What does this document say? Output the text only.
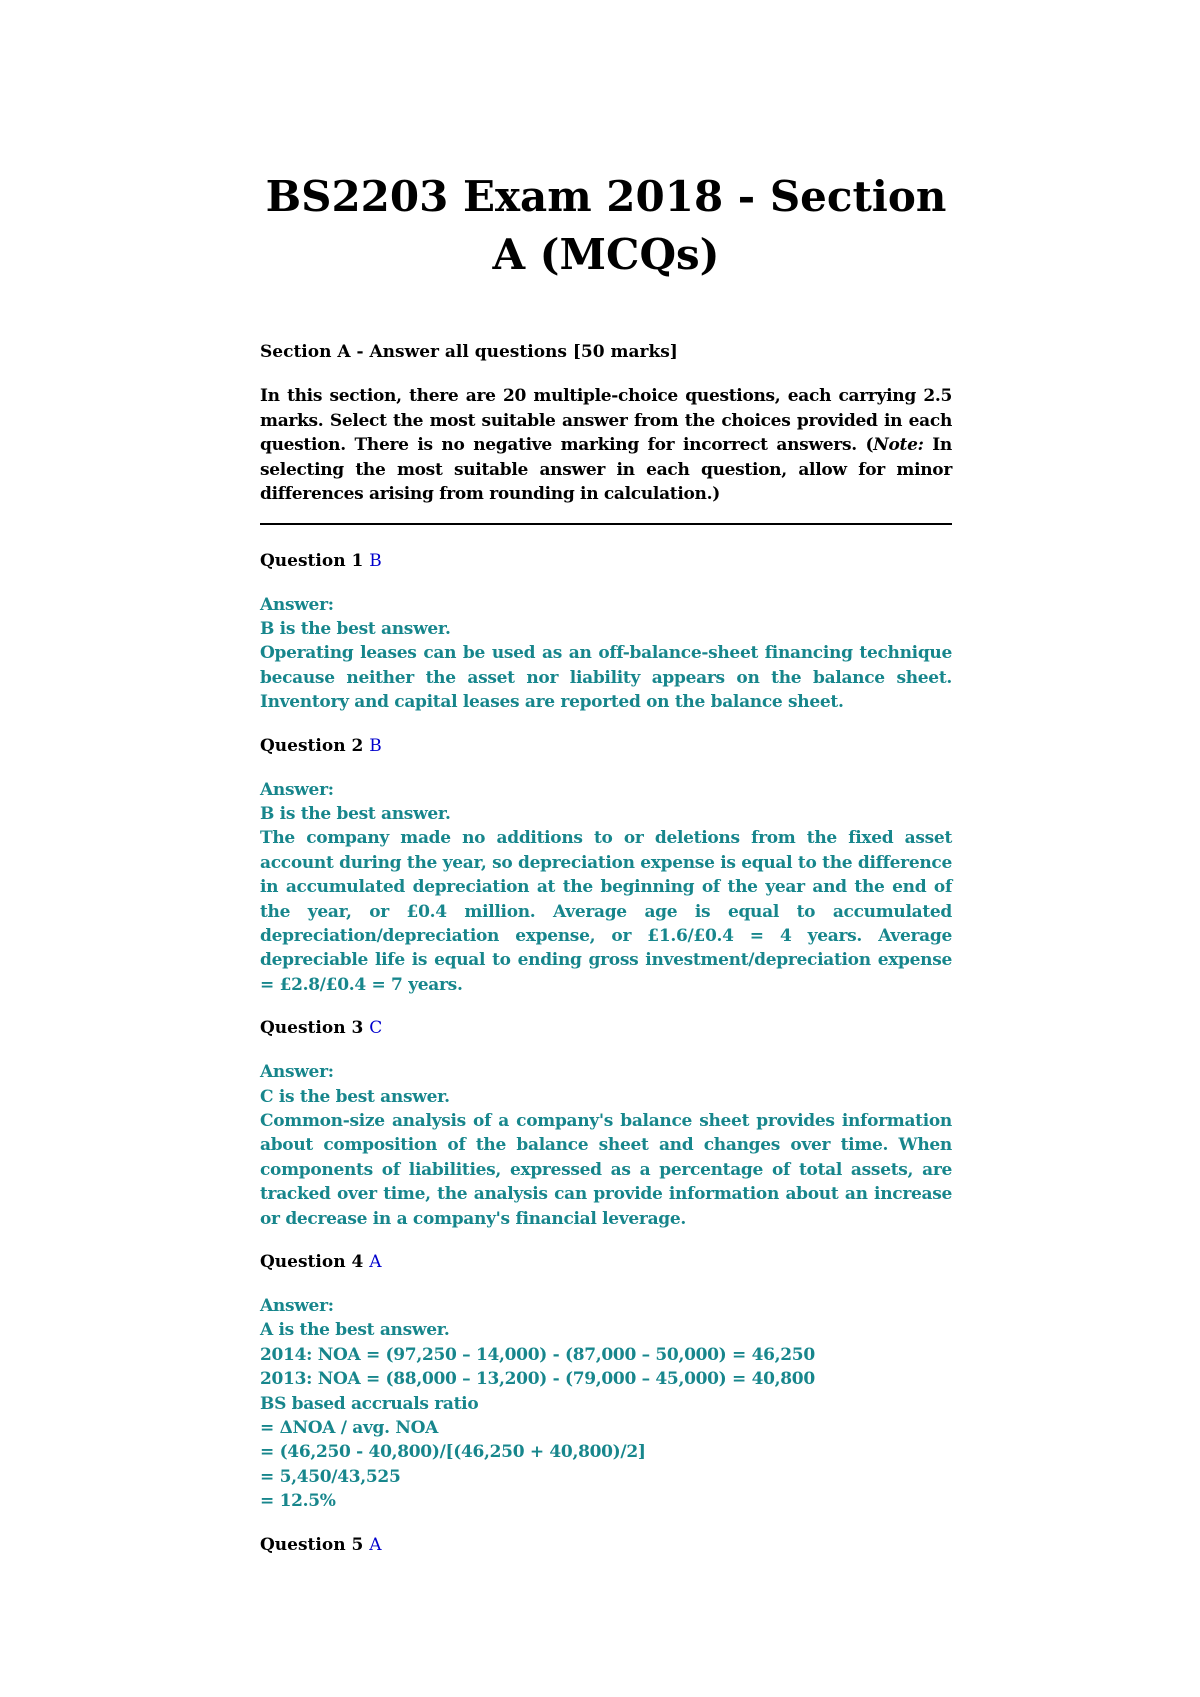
BS2203 Exam 2018 - Section A (MCQs)
Section A - Answer all questions [50 marks]
In this section, there are 20 multiple-choice questions, each carrying 2.5 marks. Select the most suitable answer from the choices provided in each question. There is no negative marking for incorrect answers. (Note: In selecting the most suitable answer in each question, allow for minor differences arising from rounding in calculation.)
Question 1 B
Answer:
B is the best answer.
Operating leases can be used as an off-balance-sheet financing technique because neither the asset nor liability appears on the balance sheet. Inventory and capital leases are reported on the balance sheet.
Question 2 B
Answer:
B is the best answer.
The company made no additions to or deletions from the fixed asset account during the year, so depreciation expense is equal to the difference in accumulated depreciation at the beginning of the year and the end of the year, or £0.4 million. Average age is equal to accumulated depreciation/depreciation expense, or £1.6/£0.4 = 4 years. Average depreciable life is equal to ending gross investment/depreciation expense = £2.8/£0.4 = 7 years.
Question 3 C
Answer:
C is the best answer.
Common-size analysis of a company's balance sheet provides information about composition of the balance sheet and changes over time. When components of liabilities, expressed as a percentage of total assets, are tracked over time, the analysis can provide information about an increase or decrease in a company's financial leverage.
Question 4 A
Answer:
A is the best answer.
2014: NOA = (97,250 – 14,000) - (87,000 – 50,000) = 46,250
2013: NOA = (88,000 – 13,200) - (79,000 – 45,000) = 40,800
BS based accruals ratio
= ΔNOA / avg. NOA
= (46,250 - 40,800)/[(46,250 + 40,800)/2]
= 5,450/43,525
= 12.5%
Question 5 A
